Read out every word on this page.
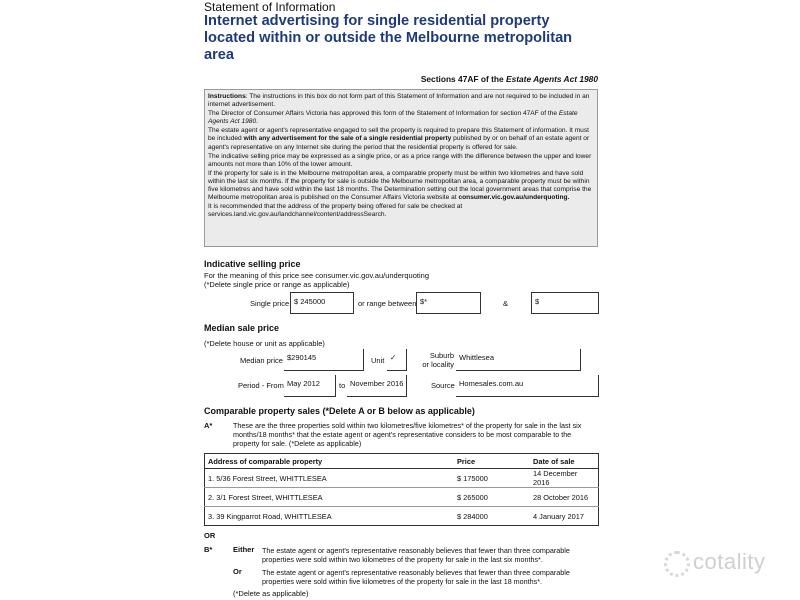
Statement of Information
Internet advertising for single residential property located within or outside the Melbourne metropolitan area
Sections 47AF of the Estate Agents Act 1980

Instructions: The instructions in this box do not form part of this Statement of Information and are not required to be included in an internet advertisement.

The Director of Consumer Affairs Victoria has approved this form of the Statement of Information for section 47AF of the Estate Agents Act 1980.

The estate agent or agent's representative engaged to sell the property is required to prepare this Statement of information. It must be included with any advertisement for the sale of a single residential property published by or on behalf of an estate agent or agent's representative on any Internet site during the period that the residential property is offered for sale.

The indicative selling price may be expressed as a single price, or as a price range with the difference between the upper and lower amounts not more than 10% of the lower amount.

If the property for sale is in the Melbourne metropolitan area, a comparable property must be within two kilometres and have sold within the last six months. If the property for sale is outside the Melbourne metropolitan area, a comparable property must be within five kilometres and have sold within the last 18 months. The Determination setting out the local government areas that comprise the Melbourne metropolitan area is published on the Consumer Affairs Victoria website at consumer.vic.gov.au/underquoting.

It is recommended that the address of the property being offered for sale be checked at services.land.vic.gov.au/landchannel/content/addressSearch.

Indicative selling price
For the meaning of this price see consumer.vic.gov.au/underquoting
(*Delete single price or range as applicable)
Single price $ 245000	or range between $*	&	$
Median sale price
(*Delete house or unit as applicable)
Median price $290145	Unit ✓	Suburb
or locality
Whittlesea
Period - From May 2012	to November 2016	Source Homesales.com.au
Comparable property sales (*Delete A or B below as applicable)
A*	These are the three properties sold within two kilometres/five kilometres* of the property for sale in the last six months/18 months* that the estate agent or agent's representative considers to be most comparable to the property for sale. (*Delete as applicable)
Address of comparable property	Price	Date of sale
1. 5/36 Forest Street, WHITTLESEA	$ 175000	14 December 2016
2. 3/1 Forest Street, WHITTLESEA	$ 265000	28 October 2016
3. 39 Kingparrot Road, WHITTLESEA	$ 284000	4 January 2017
OR
B*	Either The estate agent or agent's representative reasonably believes that fewer than three comparable properties were sold within two kilometres of the property for sale in the last six months*.
Or	The estate agent or agent's representative reasonably believes that fewer than three comparable properties were sold within five kilometres of the property for sale in the last 18 months*.
(*Delete as applicable)
cotality
